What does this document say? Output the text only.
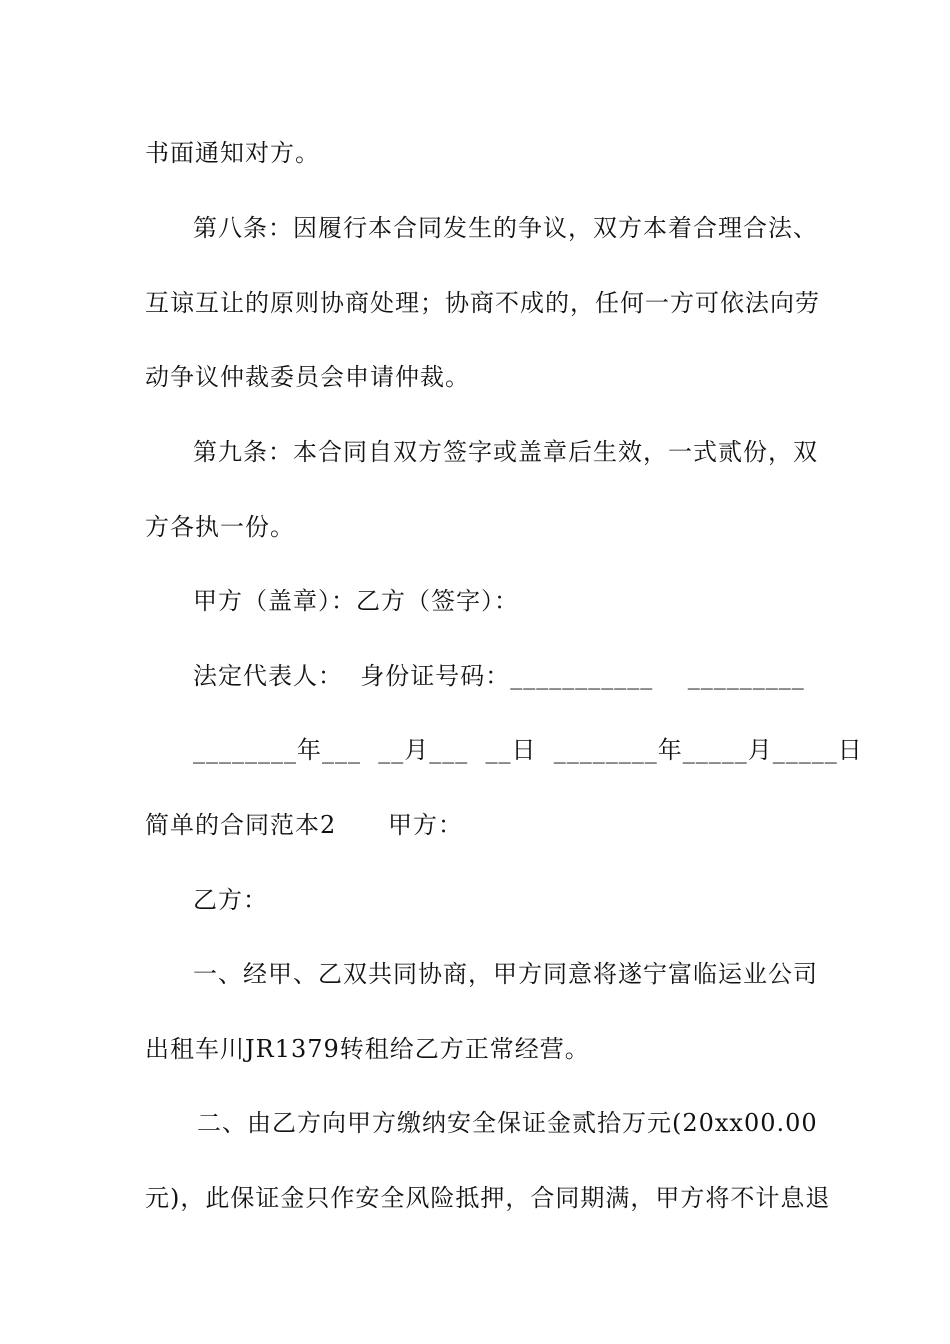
书面通知对方。
第八条：因履行本合同发生的争议，双方本着合理合法、
互谅互让的原则协商处理；协商不成的，任何一方可依法向劳
动争议仲裁委员会申请仲裁。
第九条：本合同自双方签字或盖章后生效，一式贰份，双
方各执一份。
甲方（盖章）：乙方（签字）：
法定代表人：  身份证号码：___________    _________
________年___  __月___  __日  ________年_____月_____日
简单的合同范本2      甲方：
乙方：
一、经甲、乙双共同协商，甲方同意将遂宁富临运业公司
出租车川JR1379转租给乙方正常经营。
二、由乙方向甲方缴纳安全保证金贰拾万元(20xx00.00
元)，此保证金只作安全风险抵押，合同期满，甲方将不计息退
